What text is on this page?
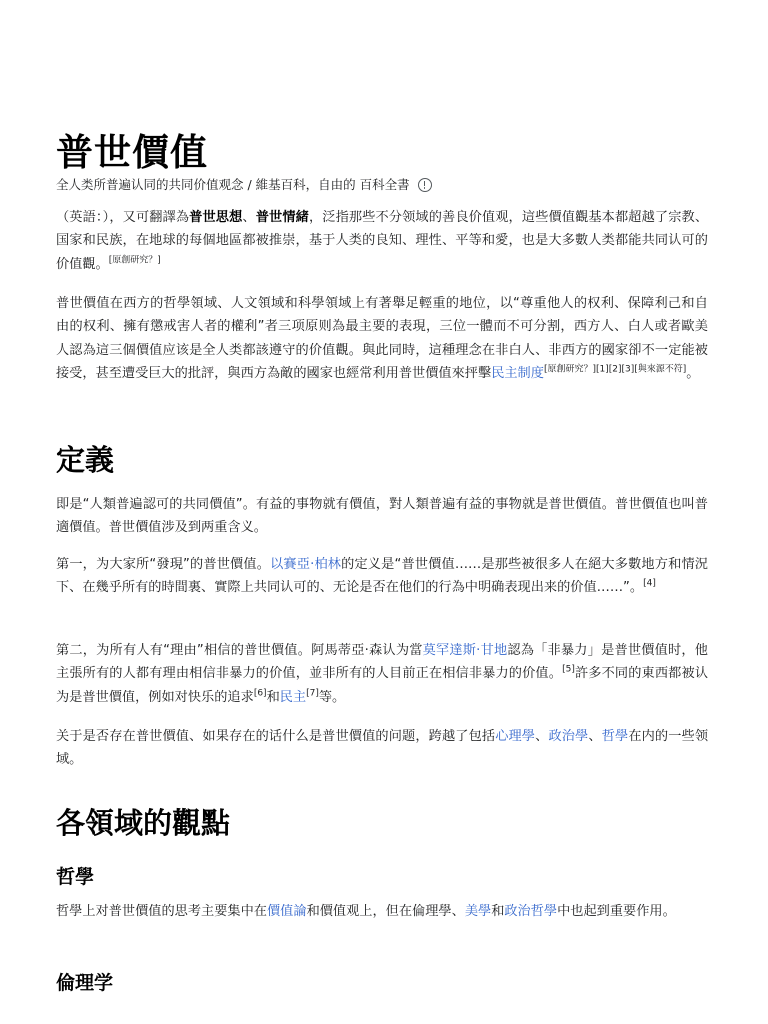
普世價值
全人类所普遍认同的共同价值观念 / 維基百科，自由的 百科全書

（英語：），又可翻譯為普世思想、普世情緒，泛指那些不分领域的善良价值观，這些價值觀基本都超越了宗教、国家和民族，在地球的每個地區都被推崇，基于人类的良知、理性、平等和愛，也是大多數人类都能共同认可的价值觀。[原創研究？]

普世價值在西方的哲學領域、人文領域和科學領域上有著舉足輕重的地位，以“尊重他人的权利、保障利己和自由的权利、擁有懲戒害人者的權利”者三项原则為最主要的表現，三位一體而不可分割，西方人、白人或者歐美人認為這三個價值应该是全人类都該遵守的价值觀。與此同時，這種理念在非白人、非西方的國家卻不一定能被接受，甚至遭受巨大的批評，與西方為敵的國家也經常利用普世價值來抨擊民主制度[原創研究？][1][2][3][與來源不符]。

定義

即是“人類普遍認可的共同價值”。有益的事物就有價值，對人類普遍有益的事物就是普世價值。普世價值也叫普適價值。普世價值涉及到两重含义。

第一，为大家所“發現”的普世價值。以賽亞·柏林的定义是“普世價值……是那些被很多人在絕大多數地方和情況下、在幾乎所有的時間裏、實際上共同认可的、无论是否在他们的行為中明确表现出来的价值……”。[4]

第二，为所有人有“理由”相信的普世價值。阿馬蒂亞·森认为當莫罕達斯·甘地認為「非暴力」是普世價值时，他主張所有的人都有理由相信非暴力的价值，並非所有的人目前正在相信非暴力的价值。[5]許多不同的東西都被认为是普世價值，例如对快乐的追求[6]和民主[7]等。

关于是否存在普世價值、如果存在的话什么是普世價值的问题，跨越了包括心理學、政治學、哲學在内的一些领域。

各領域的觀點
哲學

哲學上对普世價值的思考主要集中在價值論和價值观上，但在倫理學、美學和政治哲學中也起到重要作用。

倫理学
